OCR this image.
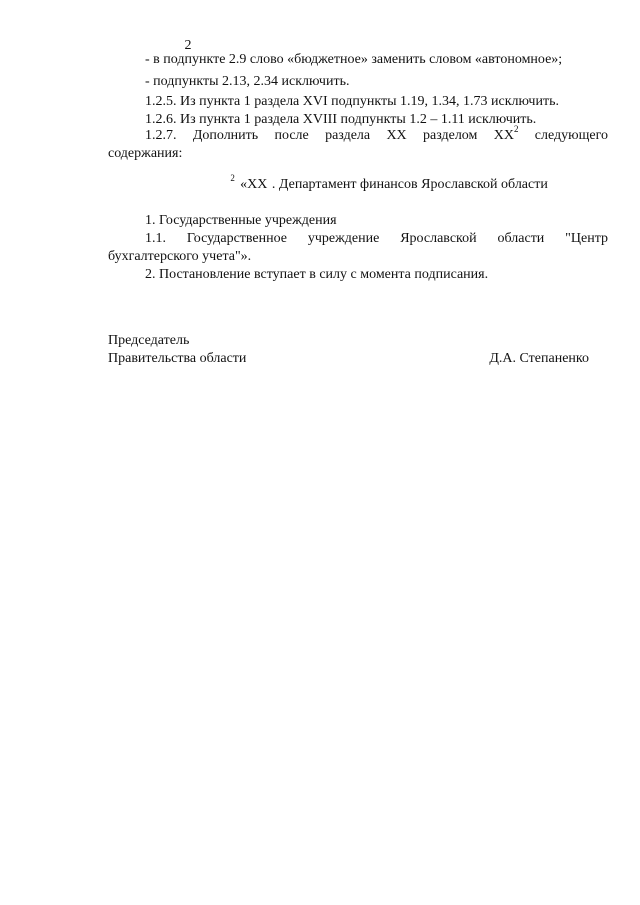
2
- в подпункте 2.9 слово «бюджетное» заменить словом «автономное»;
- подпункты 2.13, 2.34 исключить.
1.2.5. Из пункта 1 раздела XVI подпункты 1.19, 1.34, 1.73 исключить.
1.2.6. Из пункта 1 раздела XVIII подпункты 1.2 – 1.11 исключить.
1.2.7. Дополнить после раздела XX разделом $XX^2$ следующего
содержания:
«$XX^2$	. Департамент финансов Ярославской области
1. Государственные учреждения
1.1. Государственное учреждение Ярославской области "Центр
бухгалтерского учета"».
2. Постановление вступает в силу с момента подписания.
Председатель
Правительства области	Д.А. Степаненко
